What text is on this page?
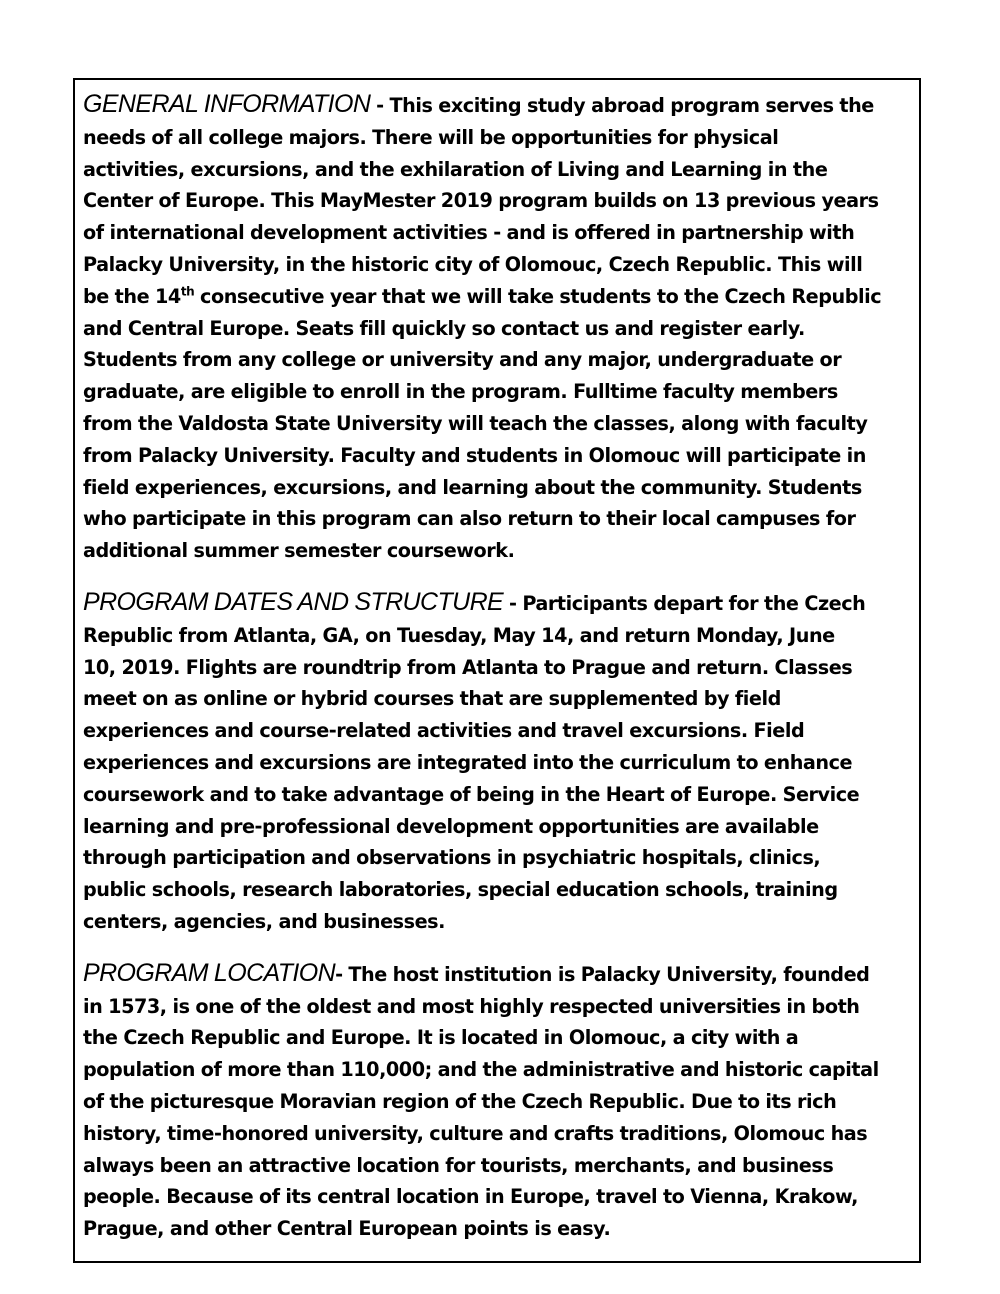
GENERAL INFORMATION - This exciting study abroad program serves the
needs of all college majors. There will be opportunities for physical
activities, excursions, and the exhilaration of Living and Learning in the
Center of Europe. This MayMester 2019 program builds on 13 previous years
of international development activities - and is offered in partnership with
Palacky University, in the historic city of Olomouc, Czech Republic. This will
be the 14th consecutive year that we will take students to the Czech Republic
and Central Europe. Seats fill quickly so contact us and register early.
Students from any college or university and any major, undergraduate or
graduate, are eligible to enroll in the program. Fulltime faculty members
from the Valdosta State University will teach the classes, along with faculty
from Palacky University. Faculty and students in Olomouc will participate in
field experiences, excursions, and learning about the community. Students
who participate in this program can also return to their local campuses for
additional summer semester coursework.

PROGRAM DATES AND STRUCTURE - Participants depart for the Czech
Republic from Atlanta, GA, on Tuesday, May 14, and return Monday, June
10, 2019. Flights are roundtrip from Atlanta to Prague and return. Classes
meet on as online or hybrid courses that are supplemented by field
experiences and course-related activities and travel excursions. Field
experiences and excursions are integrated into the curriculum to enhance
coursework and to take advantage of being in the Heart of Europe. Service
learning and pre-professional development opportunities are available
through participation and observations in psychiatric hospitals, clinics,
public schools, research laboratories, special education schools, training
centers, agencies, and businesses.

PROGRAM LOCATION- The host institution is Palacky University, founded
in 1573, is one of the oldest and most highly respected universities in both
the Czech Republic and Europe. It is located in Olomouc, a city with a
population of more than 110,000; and the administrative and historic capital
of the picturesque Moravian region of the Czech Republic. Due to its rich
history, time-honored university, culture and crafts traditions, Olomouc has
always been an attractive location for tourists, merchants, and business
people. Because of its central location in Europe, travel to Vienna, Krakow,
Prague, and other Central European points is easy.
